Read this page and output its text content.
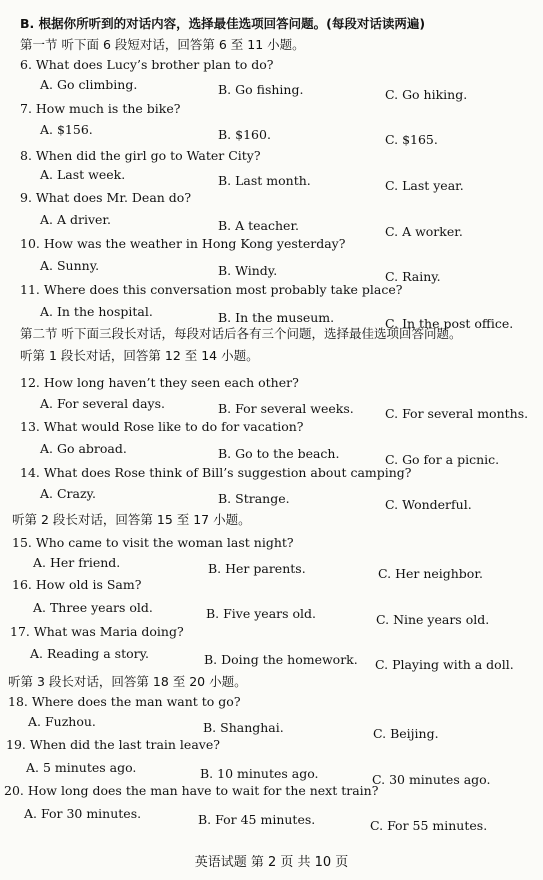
B. 根据你所听到的对话内容，选择最佳选项回答问题。(每段对话读两遍)
第一节 听下面 6 段短对话，回答第 6 至 11 小题。
6. What does Lucy’s brother plan to do?
A. Go climbing.	B. Go fishing.	C. Go hiking.
7. How much is the bike?
A. $156.	B. $160.	C. $165.
8. When did the girl go to Water City?
A. Last week.	B. Last month.	C. Last year.
9. What does Mr. Dean do?
A. A driver.	B. A teacher.	C. A worker.
10. How was the weather in Hong Kong yesterday?
A. Sunny.	B. Windy.	C. Rainy.
11. Where does this conversation most probably take place?
A. In the hospital.	B. In the museum.	C. In the post office.
第二节 听下面三段长对话，每段对话后各有三个问题，选择最佳选项回答问题。
听第 1 段长对话，回答第 12 至 14 小题。
12. How long haven’t they seen each other?
A. For several days.	B. For several weeks.	C. For several months.
13. What would Rose like to do for vacation?
A. Go abroad.	B. Go to the beach.	C. Go for a picnic.
14. What does Rose think of Bill’s suggestion about camping?
A. Crazy.	B. Strange.	C. Wonderful.
听第 2 段长对话，回答第 15 至 17 小题。
15. Who came to visit the woman last night?
A. Her friend.	B. Her parents.	C. Her neighbor.
16. How old is Sam?
A. Three years old.	B. Five years old.	C. Nine years old.
17. What was Maria doing?
A. Reading a story.	B. Doing the homework. C. Playing with a doll.
听第 3 段长对话，回答第 18 至 20 小题。
18. Where does the man want to go?
A. Fuzhou.	B. Shanghai.	C. Beijing.
19. When did the last train leave?
A. 5 minutes ago.	B. 10 minutes ago.	C. 30 minutes ago.
20. How long does the man have to wait for the next train?
A. For 30 minutes.	B. For 45 minutes.	C. For 55 minutes.
英语试题 第 2 页 共 10 页
